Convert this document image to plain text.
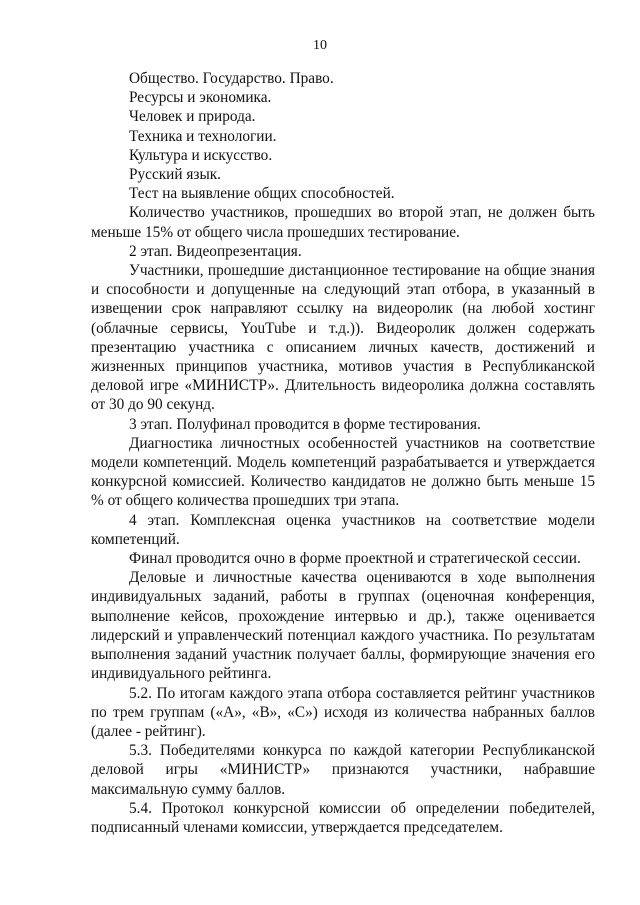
10

Общество. Государство. Право.

Ресурсы и экономика.

Человек и природа.

Техника и технологии.

Культура и искусство.

Русский язык.

Тест на выявление общих способностей.

Количество участников, прошедших во второй этап, не должен быть меньше 15% от общего числа прошедших тестирование.

2 этап. Видеопрезентация.

Участники, прошедшие дистанционное тестирование на общие знания и способности и допущенные на следующий этап отбора, в указанный в извещении срок направляют ссылку на видеоролик (на любой хостинг (облачные сервисы, YouTube и т.д.)). Видеоролик должен содержать презентацию участника с описанием личных качеств, достижений и жизненных принципов участника, мотивов участия в Республиканской деловой игре «МИНИСТР». Длительность видеоролика должна составлять от 30 до 90 секунд.

3 этап. Полуфинал проводится в форме тестирования.

Диагностика личностных особенностей участников на соответствие модели компетенций. Модель компетенций разрабатывается и утверждается конкурсной комиссией. Количество кандидатов не должно быть меньше 15 % от общего количества прошедших три этапа.

4 этап. Комплексная оценка участников на соответствие модели компетенций.

Финал проводится очно в форме проектной и стратегической сессии.

Деловые и личностные качества оцениваются в ходе выполнения индивидуальных заданий, работы в группах (оценочная конференция, выполнение кейсов, прохождение интервью и др.), также оценивается лидерский и управленческий потенциал каждого участника. По результатам выполнения заданий участник получает баллы, формирующие значения его индивидуального рейтинга.

5.2. По итогам каждого этапа отбора составляется рейтинг участников по трем группам («А», «В», «С») исходя из количества набранных баллов (далее - рейтинг).

5.3. Победителями конкурса по каждой категории Республиканской деловой игры «МИНИСТР» признаются участники, набравшие максимальную сумму баллов.

5.4. Протокол конкурсной комиссии об определении победителей, подписанный членами комиссии, утверждается председателем.
